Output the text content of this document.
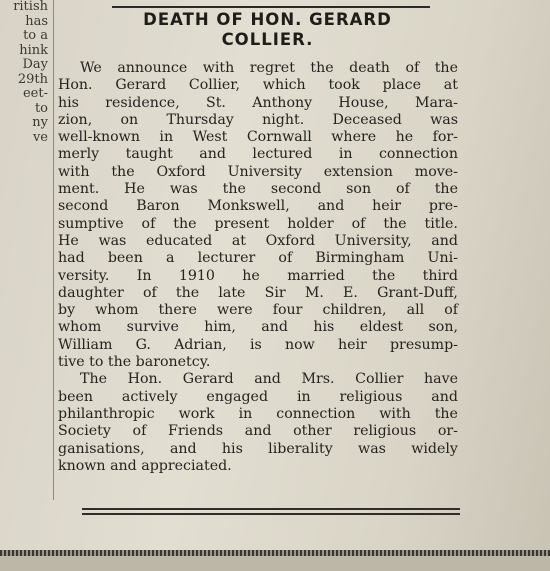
ritish
has
to a
hink
Day
29th
eet-
to
ny
ve
DEATH OF HON. GERARD
COLLIER.
We announce with regret the death of the
Hon. Gerard Collier, which took place at
his residence, St. Anthony House, Mara-
zion, on Thursday night. Deceased was
well-known in West Cornwall where he for-
merly taught and lectured in connection
with the Oxford University extension move-
ment. He was the second son of the
second Baron Monkswell, and heir pre-
sumptive of the present holder of the title.
He was educated at Oxford University, and
had been a lecturer of Birmingham Uni-
versity. In 1910 he married the third
daughter of the late Sir M. E. Grant-Duff,
by whom there were four children, all of
whom survive him, and his eldest son,
William G. Adrian, is now heir presump-
tive to the baronetcy.
The Hon. Gerard and Mrs. Collier have
been actively engaged in religious and
philanthropic work in connection with the
Society of Friends and other religious or-
ganisations, and his liberality was widely
known and appreciated.
